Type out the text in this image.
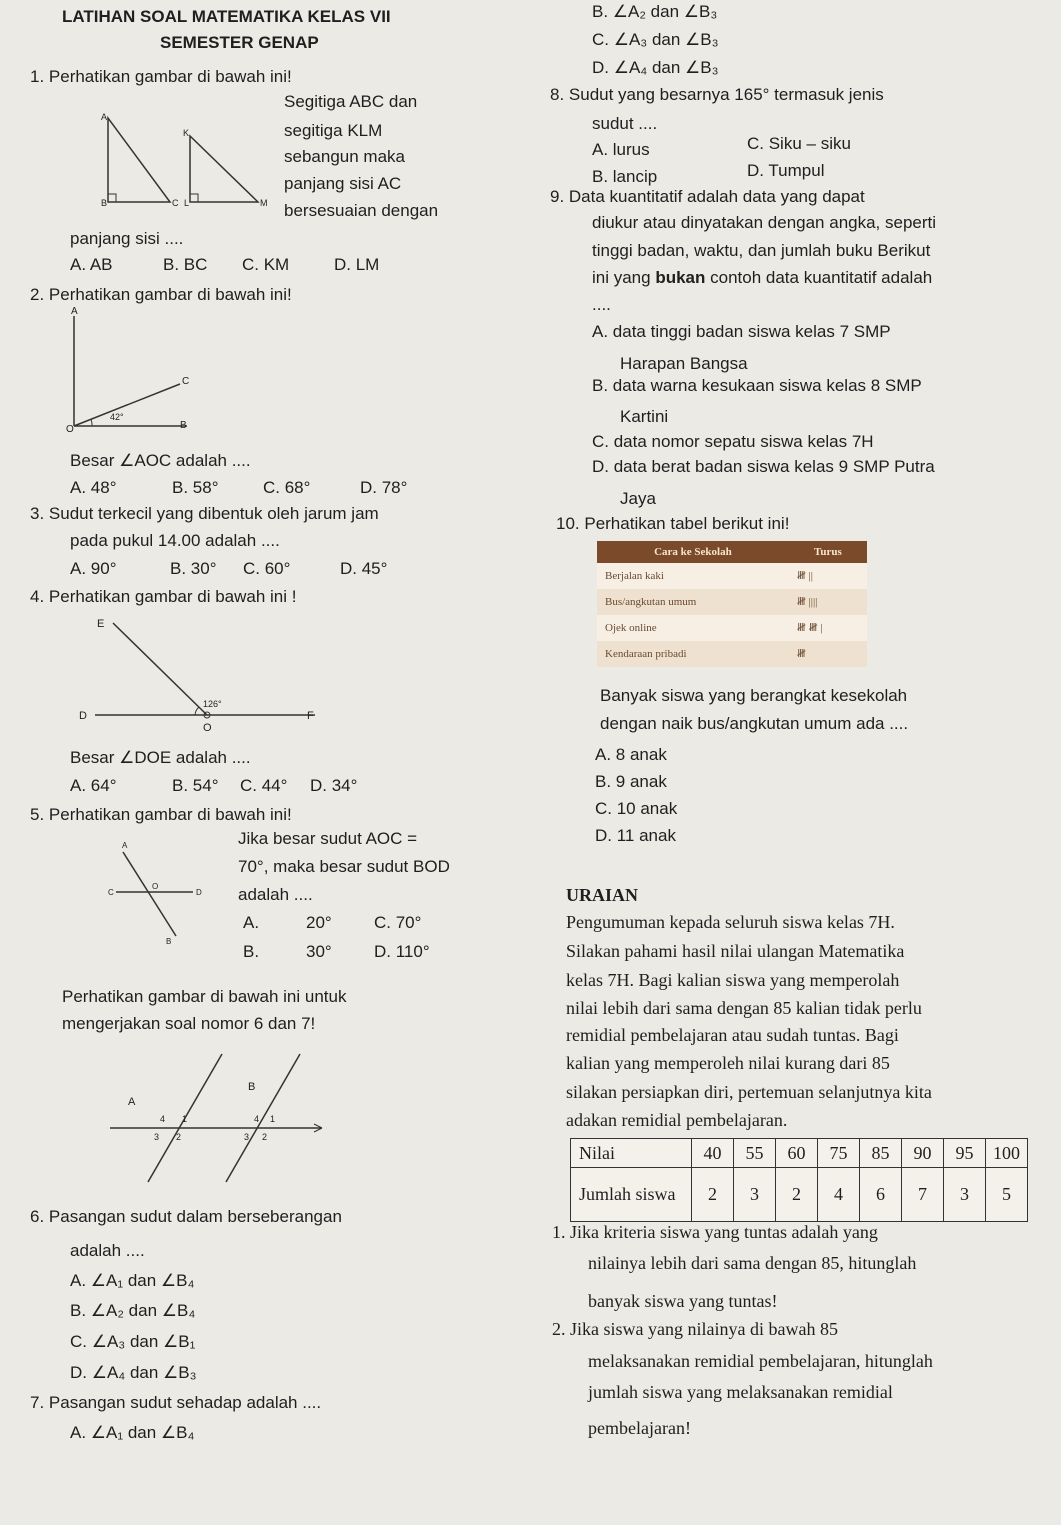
LATIHAN SOAL MATEMATIKA KELAS VII
SEMESTER GENAP
1. Perhatikan gambar di bawah ini!
K
A
B	C L	M
Segitiga ABC dan
segitiga KLM
sebangun maka
panjang sisi AC
bersesuaian dengan
panjang sisi ....
A. AB	B. BC C. KM	D. LM
2. Perhatikan gambar di bawah ini!
A
C
42°
O	B
Besar ∠AOC adalah ....
A. 48°	B. 58°	C. 68°	D. 78°
3. Sudut terkecil yang dibentuk oleh jarum jam
pada pukul 14.00 adalah ....
A. 90°	B. 30° C. 60°	D. 45°
4. Perhatikan gambar di bawah ini !
E
126°
D
O
F
Besar ∠DOE adalah ....
A. 64°	B. 54° C. 44° D. 34°
5. Perhatikan gambar di bawah ini!
A
O
C	D
B
Jika besar sudut AOC =
70°, maka besar sudut BOD
adalah ....
A.	20° C. 70°
B.	30° D. 110°
Perhatikan gambar di bawah ini untuk
mengerjakan soal nomor 6 dan 7!
A
B
4 1
3 2
4 1
3 2
6. Pasangan sudut dalam berseberangan
adalah ....
A. ∠A₁ dan ∠B₄
B. ∠A₂ dan ∠B₄
C. ∠A₃ dan ∠B₁
D. ∠A₄ dan ∠B₃
7. Pasangan sudut sehadap adalah ....
A. ∠A₁ dan ∠B₄
B. ∠A₂ dan ∠B₃
C. ∠A₃ dan ∠B₃
D. ∠A₄ dan ∠B₃
8. Sudut yang besarnya 165° termasuk jenis
sudut ....
A. lurus	C. Siku – siku
B. lancip	D. Tumpul
9. Data kuantitatif adalah data yang dapat
diukur atau dinyatakan dengan angka, seperti
tinggi badan, waktu, dan jumlah buku Berikut
ini yang bukan contoh data kuantitatif adalah
....
A. data tinggi badan siswa kelas 7 SMP
Harapan Bangsa
B. data warna kesukaan siswa kelas 8 SMP
Kartini
C. data nomor sepatu siswa kelas 7H
D. data berat badan siswa kelas 9 SMP Putra
Jaya
10. Perhatikan tabel berikut ini!
Cara ke Sekolah	Turus
Berjalan kaki	𝍸 ||
Bus/angkutan umum	𝍸 ||||
Ojek online	𝍸 𝍸 |
Kendaraan pribadi	𝍸
Banyak siswa yang berangkat kesekolah
dengan naik bus/angkutan umum ada ....
A. 8 anak
B. 9 anak
C. 10 anak
D. 11 anak
URAIAN
Pengumuman kepada seluruh siswa kelas 7H.
Silakan pahami hasil nilai ulangan Matematika
kelas 7H. Bagi kalian siswa yang memperolah
nilai lebih dari sama dengan 85 kalian tidak perlu
remidial pembelajaran atau sudah tuntas. Bagi
kalian yang memperoleh nilai kurang dari 85
silakan persiapkan diri, pertemuan selanjutnya kita
adakan remidial pembelajaran.
Nilai	40	55	60	75	85	90	95	100
Jumlah siswa	2	3	2	4	6	7	3	5
1. Jika kriteria siswa yang tuntas adalah yang
nilainya lebih dari sama dengan 85, hitunglah
banyak siswa yang tuntas!
2. Jika siswa yang nilainya di bawah 85
melaksanakan remidial pembelajaran, hitunglah
jumlah siswa yang melaksanakan remidial
pembelajaran!
